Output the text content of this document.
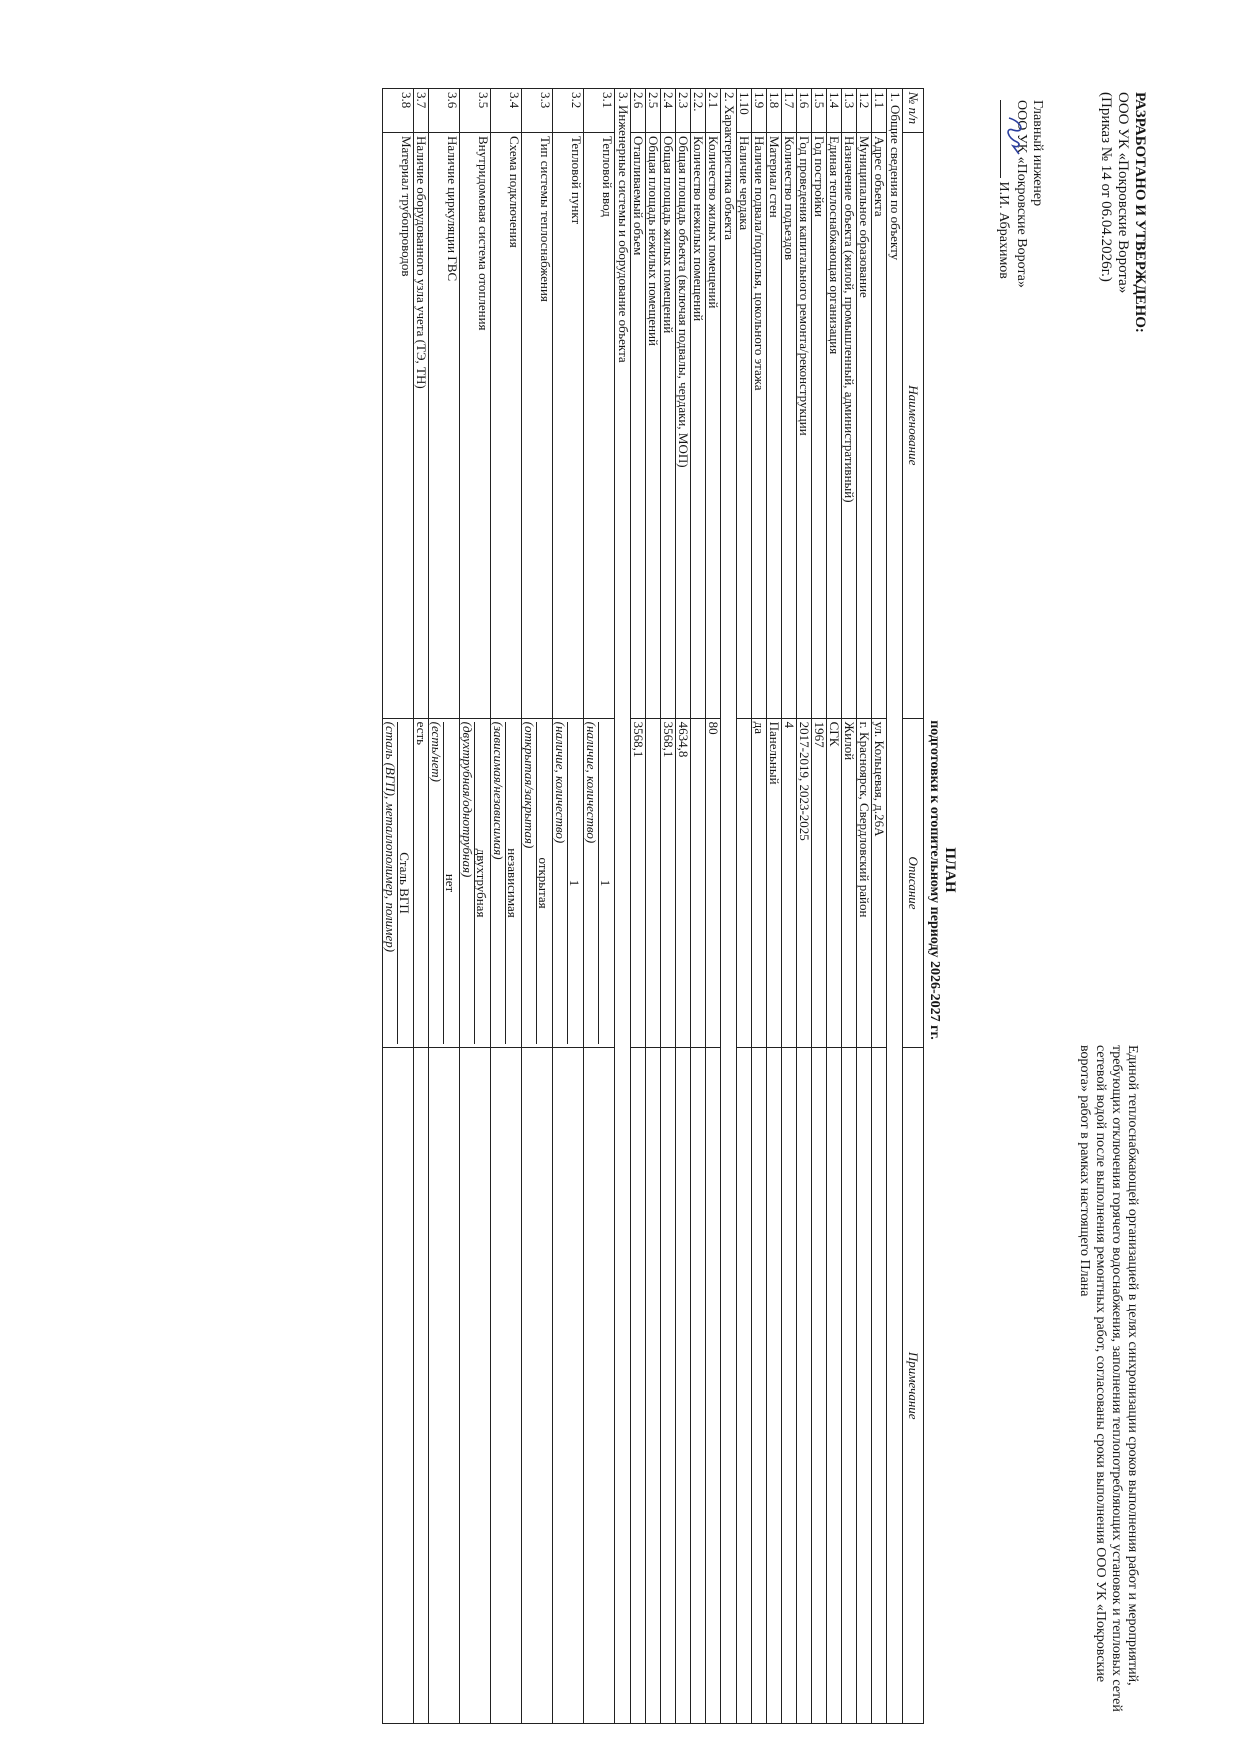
РАЗРАБОТАНО И УТВЕРЖДЕНО:
ООО УК «Покровские Ворота»
(Приказ № 14 от 06.04.2026г.)
Главный инженер
ООО УК «Покровские Ворота»
И.И. Абрахимов
Единой теплоснабжающей организацией в целях синхронизации сроков выполнения работ и мероприятий, требующих отключения горячего водоснабжения, заполнения теплопотребляющих установок и тепловых сетей сетевой водой после выполнения ремонтных работ, согласованы сроки выполнения ООО УК «Покровские ворота» работ в рамках настоящего Плана
ПЛАН
подготовки к отопительному периоду 2026-2027 гг.
№ п/п	Наименование	Описание	Примечание
1. Общие сведения по объекту			
1.1	Адрес объекта	ул. Кольцевая, д.26А	
1.2	Муниципальное образование	г. Красноярск, Свердловский район	
1.3	Назначение объекта (жилой, промышленный, административный)	Жилой	
1.4	Единая теплоснабжающая организация	СГК	
1.5	Год постройки	1967	
1.6	Год проведения капитального ремонта/реконструкции	2017-2019, 2023-2025	
1.7	Количество подъездов	4	
1.8	Материал стен	Панельный	
1.9	Наличие подвала/подполья, цокольного этажа	да	
1.10	Наличие чердака		
2. Характеристика объекта			
2.1	Количество жилых помещений	80	
2.2.	Количество нежилых помещений		
2.3	Общая площадь объекта (включая подвалы, чердаки, МОП)	4634,8	
2.4	Общая площадь жилых помещений	3568,1	
2.5	Общая площадь нежилых помещений		
2.6	Отапливаемый объем	3568,1	
3. Инженерные системы и оборудование объекта			
3.1	Тепловой ввод	1
(наличие, количество)	

3.2	Тепловой пункт	1
(наличие, количество)	

3.3	Тип системы теплоснабжения	открытая
(открытая/закрытая)	

3.4	Схема подключения	независимая
(зависимая/независимая)	

3.5	Внутридомовая система отопления	двухтрубная
(двухтрубная/однотрубная)	

3.6	Наличие циркуляции ГВС	нет
(есть/нет)	

3.7	Наличие оборудованного узла учета (ТЭ, ТН)	есть	
3.8	Материал трубопроводов	Сталь ВГП
(сталь (ВГП), металлополимер, полимер)	
